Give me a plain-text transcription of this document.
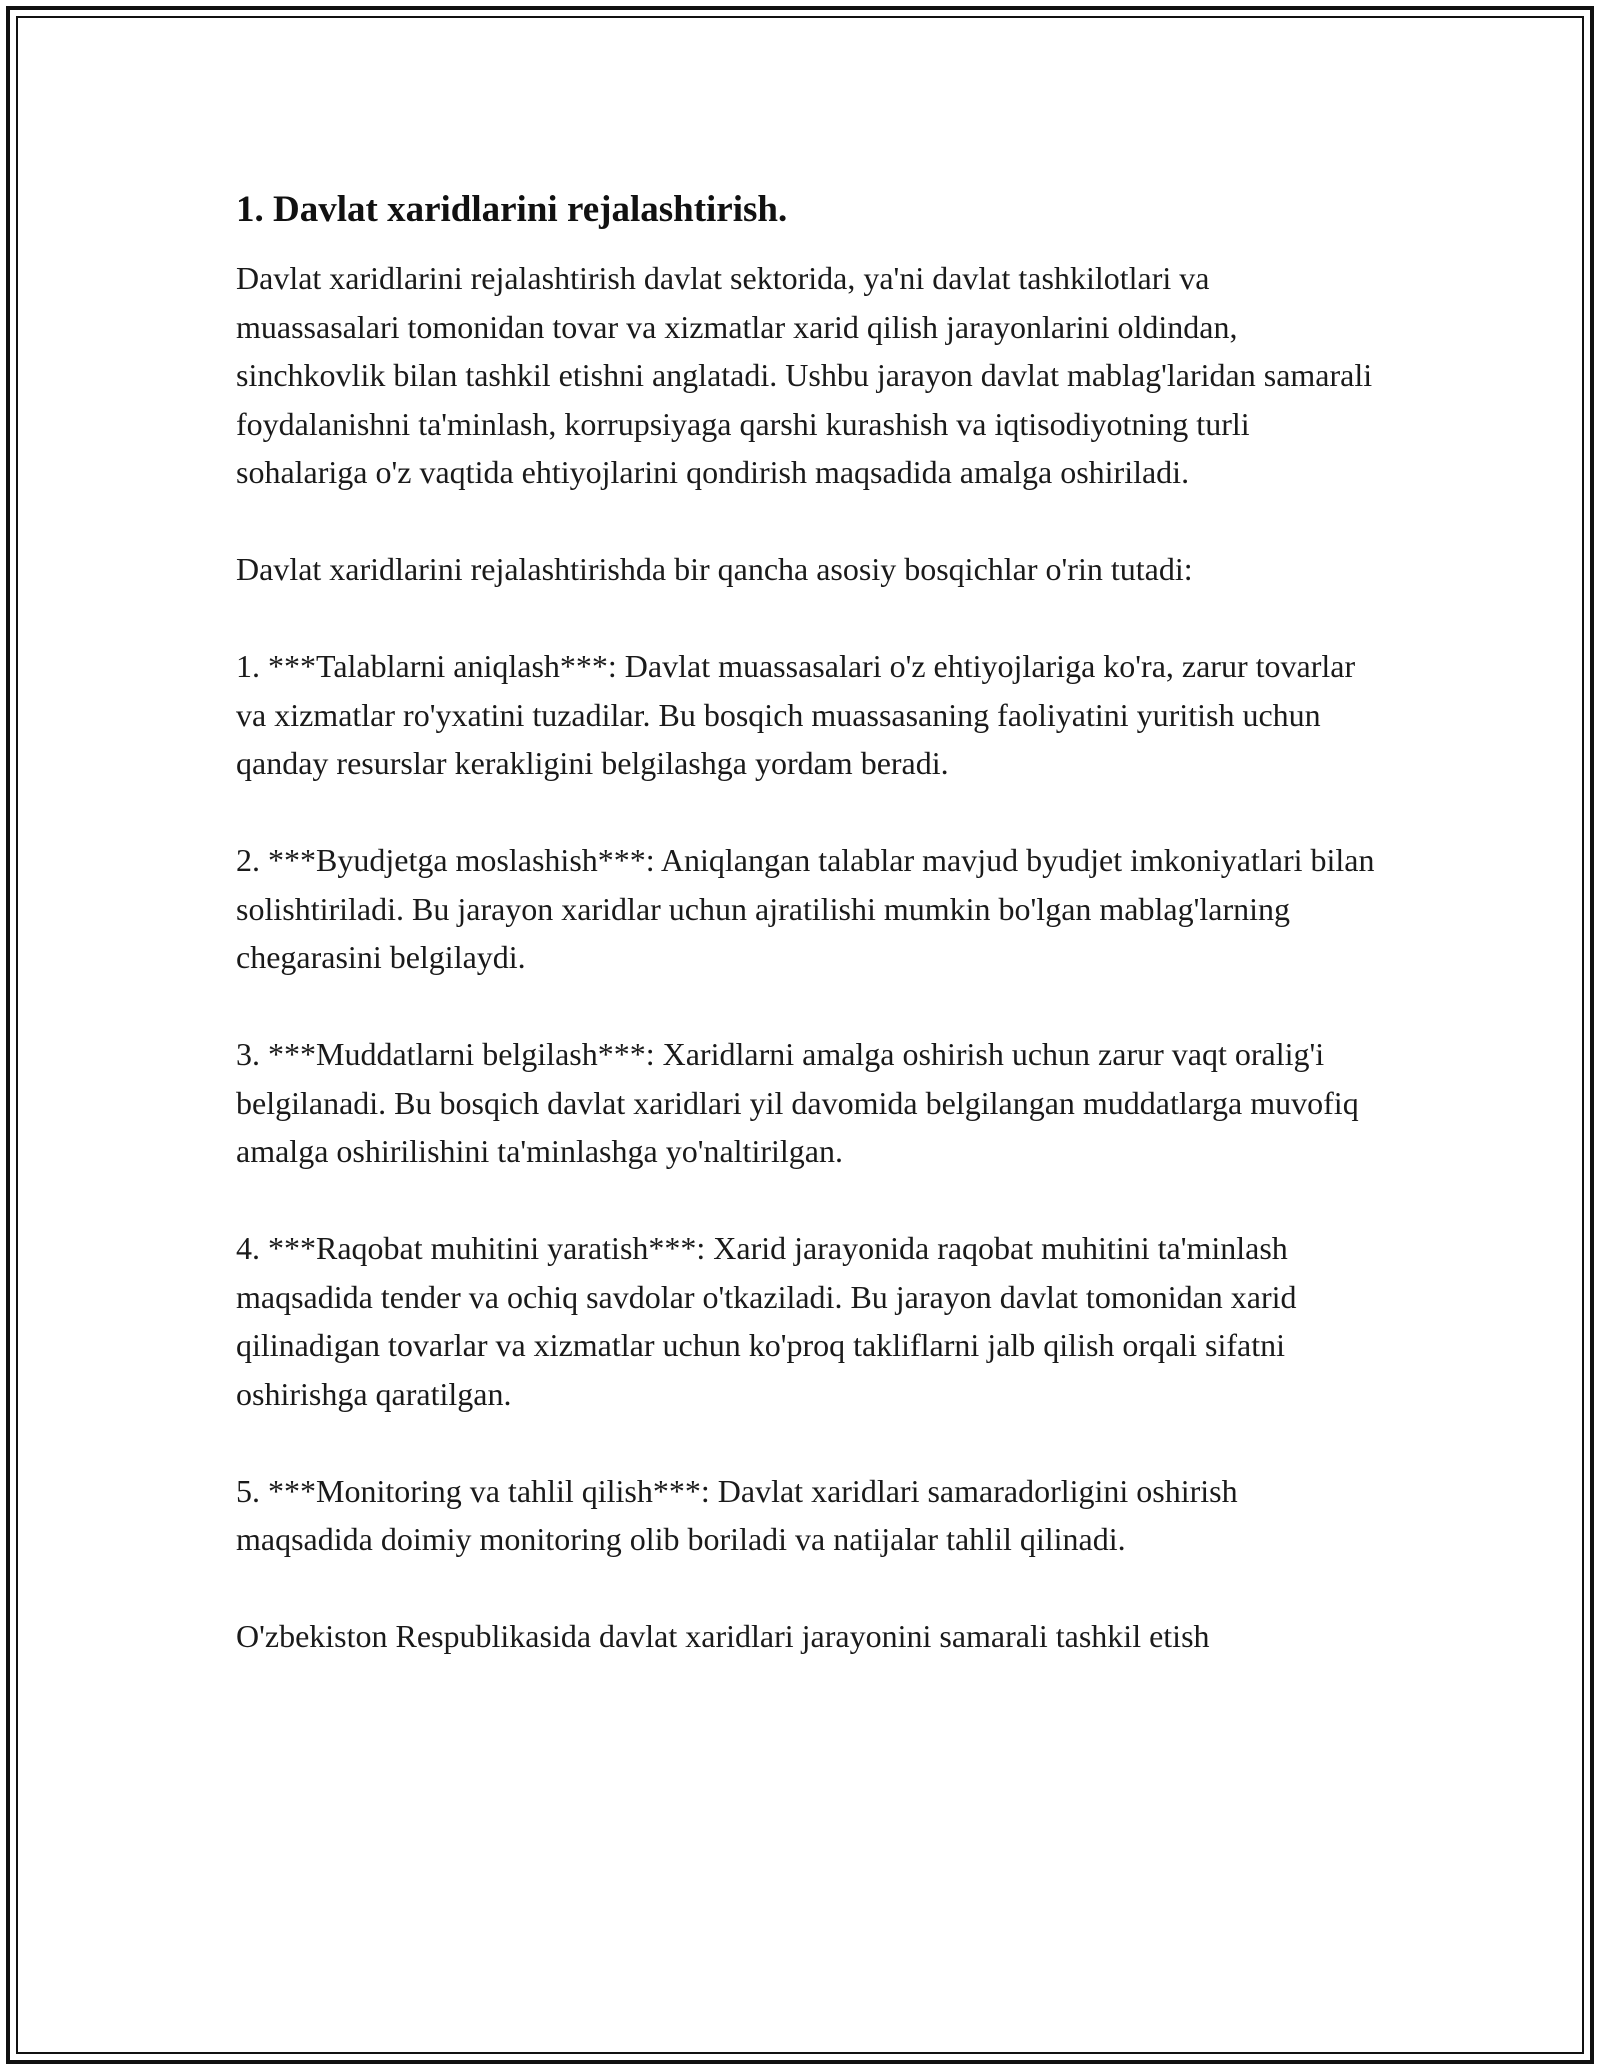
1. Davlat xaridlarini rejalashtirish.

Davlat xaridlarini rejalashtirish davlat sektorida, ya'ni davlat tashkilotlari va muassasalari tomonidan tovar va xizmatlar xarid qilish jarayonlarini oldindan, sinchkovlik bilan tashkil etishni anglatadi. Ushbu jarayon davlat mablag'laridan samarali foydalanishni ta'minlash, korrupsiyaga qarshi kurashish va iqtisodiyotning turli sohalariga o'z vaqtida ehtiyojlarini qondirish maqsadida amalga oshiriladi.

Davlat xaridlarini rejalashtirishda bir qancha asosiy bosqichlar o'rin tutadi:

1. ***Talablarni aniqlash***: Davlat muassasalari o'z ehtiyojlariga ko'ra, zarur tovarlar va xizmatlar ro'yxatini tuzadilar. Bu bosqich muassasaning faoliyatini yuritish uchun qanday resurslar kerakligini belgilashga yordam beradi.

2. ***Byudjetga moslashish***: Aniqlangan talablar mavjud byudjet imkoniyatlari bilan solishtiriladi. Bu jarayon xaridlar uchun ajratilishi mumkin bo'lgan mablag'larning chegarasini belgilaydi.

3. ***Muddatlarni belgilash***: Xaridlarni amalga oshirish uchun zarur vaqt oralig'i belgilanadi. Bu bosqich davlat xaridlari yil davomida belgilangan muddatlarga muvofiq amalga oshirilishini ta'minlashga yo'naltirilgan.

4. ***Raqobat muhitini yaratish***: Xarid jarayonida raqobat muhitini ta'minlash maqsadida tender va ochiq savdolar o'tkaziladi. Bu jarayon davlat tomonidan xarid qilinadigan tovarlar va xizmatlar uchun ko'proq takliflarni jalb qilish orqali sifatni oshirishga qaratilgan.

5. ***Monitoring va tahlil qilish***: Davlat xaridlari samaradorligini oshirish maqsadida doimiy monitoring olib boriladi va natijalar tahlil qilinadi.

O'zbekiston Respublikasida davlat xaridlari jarayonini samarali tashkil etish
